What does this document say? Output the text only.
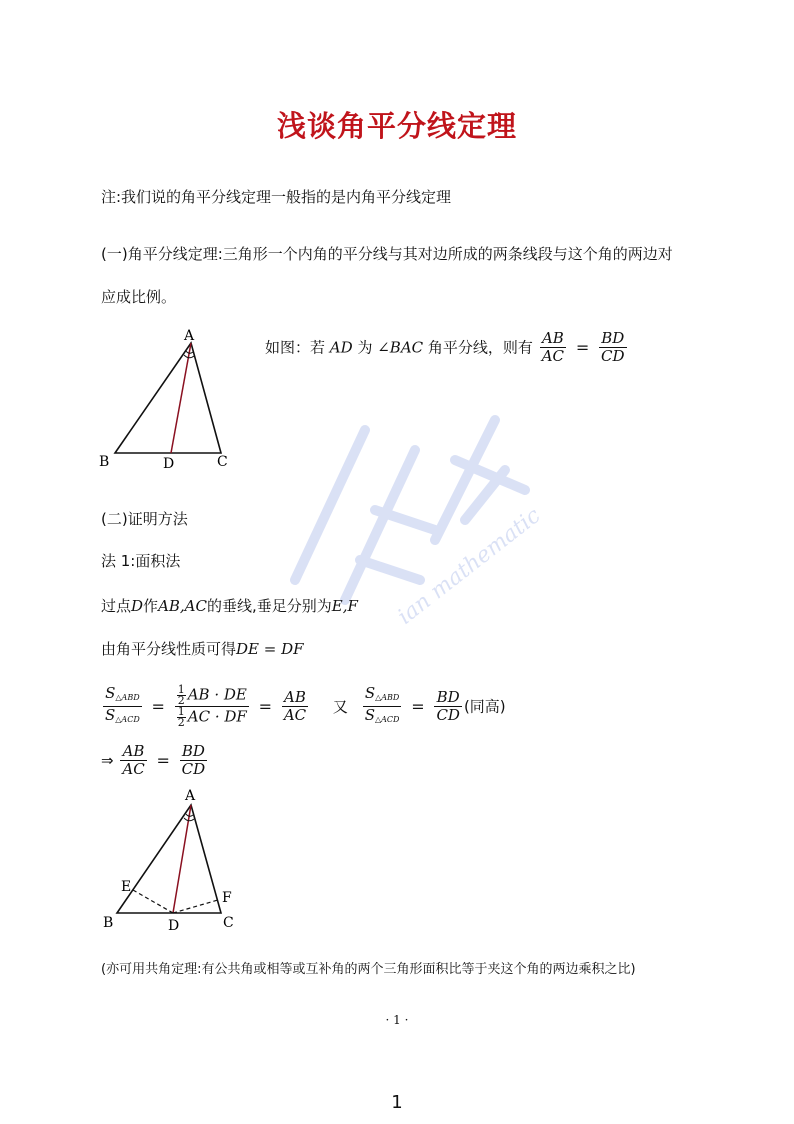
ian mathematic
浅谈角平分线定理
注:我们说的角平分线定理一般指的是内角平分线定理
(一)角平分线定理:三角形一个内角的平分线与其对边所成的两条线段与这个角的两边对
应成比例。
A
B	D	C
如图：若 AD 为 ∠BAC 角平分线，则有 $\frac{AB}{AC} = \frac{BD}{CD}$
(二)证明方法
法 1:面积法
过点D作AB,AC的垂线,垂足分别为E,F
由角平分线性质可得DE = DF
$\frac{S_{\triangle ABD}}{S_{\triangle ACD}} = \frac{\frac{1}{2} AB \cdot DE}{\frac{1}{2} AC \cdot DF} = \frac{AB}{AC}$ 又 $\frac{S_{\triangle ABD}}{S_{\triangle ACD}} = \frac{BD}{CD}$ (同高)
⇒ $\frac{AB}{AC} = \frac{BD}{CD}$
A
E
F
B	D	C
(亦可用共角定理:有公共角或相等或互补角的两个三角形面积比等于夹这个角的两边乘积之比)
· 1 ·
1
